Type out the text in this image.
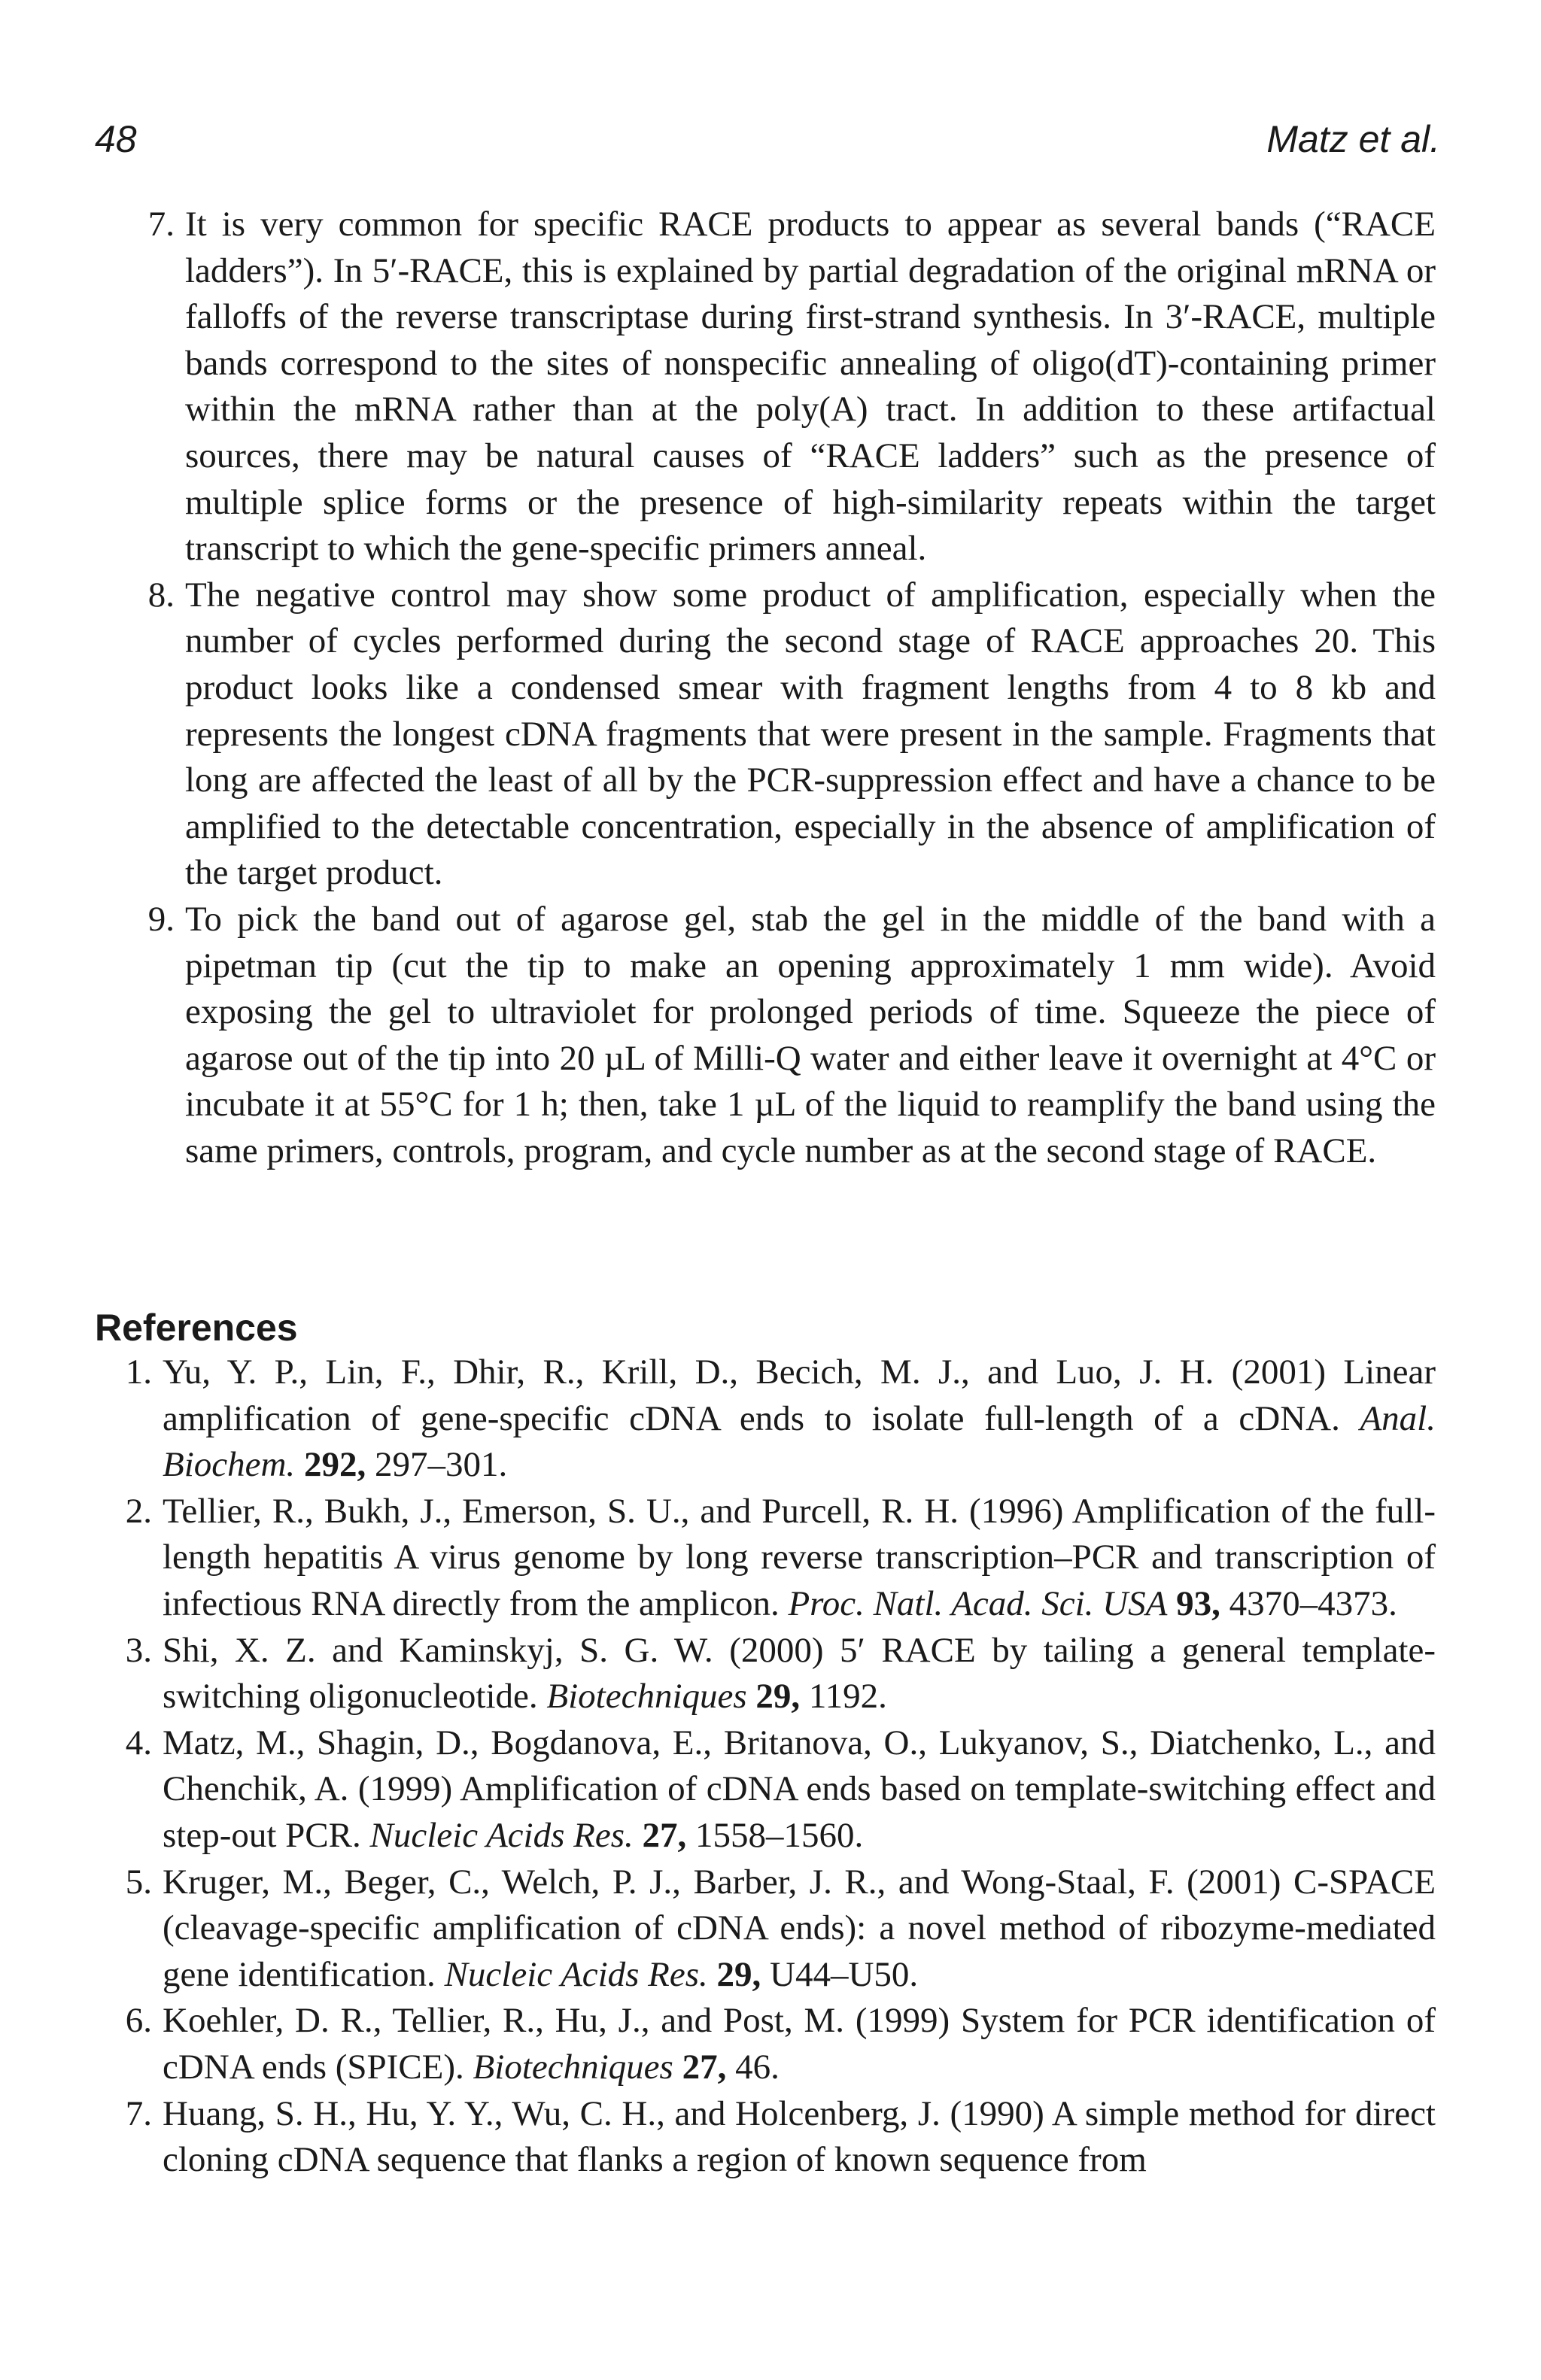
48	Matz et al.
7. It is very common for specific RACE products to appear as several bands (“RACE ladders”). In 5′-RACE, this is explained by partial degradation of the original mRNA or falloffs of the reverse transcriptase during first-strand synthesis. In 3′-RACE, multiple bands correspond to the sites of nonspecific annealing of oligo(dT)-containing primer within the mRNA rather than at the poly(A) tract. In addition to these artifactual sources, there may be natural causes of “RACE ladders” such as the presence of multiple splice forms or the presence of high-similarity repeats within the target transcript to which the gene-specific primers anneal.
8. The negative control may show some product of amplification, especially when the number of cycles performed during the second stage of RACE approaches 20. This product looks like a condensed smear with fragment lengths from 4 to 8 kb and represents the longest cDNA fragments that were present in the sample. Fragments that long are affected the least of all by the PCR-suppression effect and have a chance to be amplified to the detectable concentration, especially in the absence of amplification of the target product.
9. To pick the band out of agarose gel, stab the gel in the middle of the band with a pipetman tip (cut the tip to make an opening approximately 1 mm wide). Avoid exposing the gel to ultraviolet for prolonged periods of time. Squeeze the piece of agarose out of the tip into 20 µL of Milli-Q water and either leave it overnight at 4°C or incubate it at 55°C for 1 h; then, take 1 µL of the liquid to reamplify the band using the same primers, controls, program, and cycle number as at the second stage of RACE.
References
1. Yu, Y. P., Lin, F., Dhir, R., Krill, D., Becich, M. J., and Luo, J. H. (2001) Linear amplification of gene-specific cDNA ends to isolate full-length of a cDNA. Anal. Biochem. 292, 297–301.
2. Tellier, R., Bukh, J., Emerson, S. U., and Purcell, R. H. (1996) Amplification of the full-length hepatitis A virus genome by long reverse transcription–PCR and transcription of infectious RNA directly from the amplicon. Proc. Natl. Acad. Sci. USA 93, 4370–4373.
3. Shi, X. Z. and Kaminskyj, S. G. W. (2000) 5′ RACE by tailing a general template-switching oligonucleotide. Biotechniques 29, 1192.
4. Matz, M., Shagin, D., Bogdanova, E., Britanova, O., Lukyanov, S., Diatchenko, L., and Chenchik, A. (1999) Amplification of cDNA ends based on template-switching effect and step-out PCR. Nucleic Acids Res. 27, 1558–1560.
5. Kruger, M., Beger, C., Welch, P. J., Barber, J. R., and Wong-Staal, F. (2001) C-SPACE (cleavage-specific amplification of cDNA ends): a novel method of ribozyme-mediated gene identification. Nucleic Acids Res. 29, U44–U50.
6. Koehler, D. R., Tellier, R., Hu, J., and Post, M. (1999) System for PCR identification of cDNA ends (SPICE). Biotechniques 27, 46.
7. Huang, S. H., Hu, Y. Y., Wu, C. H., and Holcenberg, J. (1990) A simple method for direct cloning cDNA sequence that flanks a region of known sequence from
